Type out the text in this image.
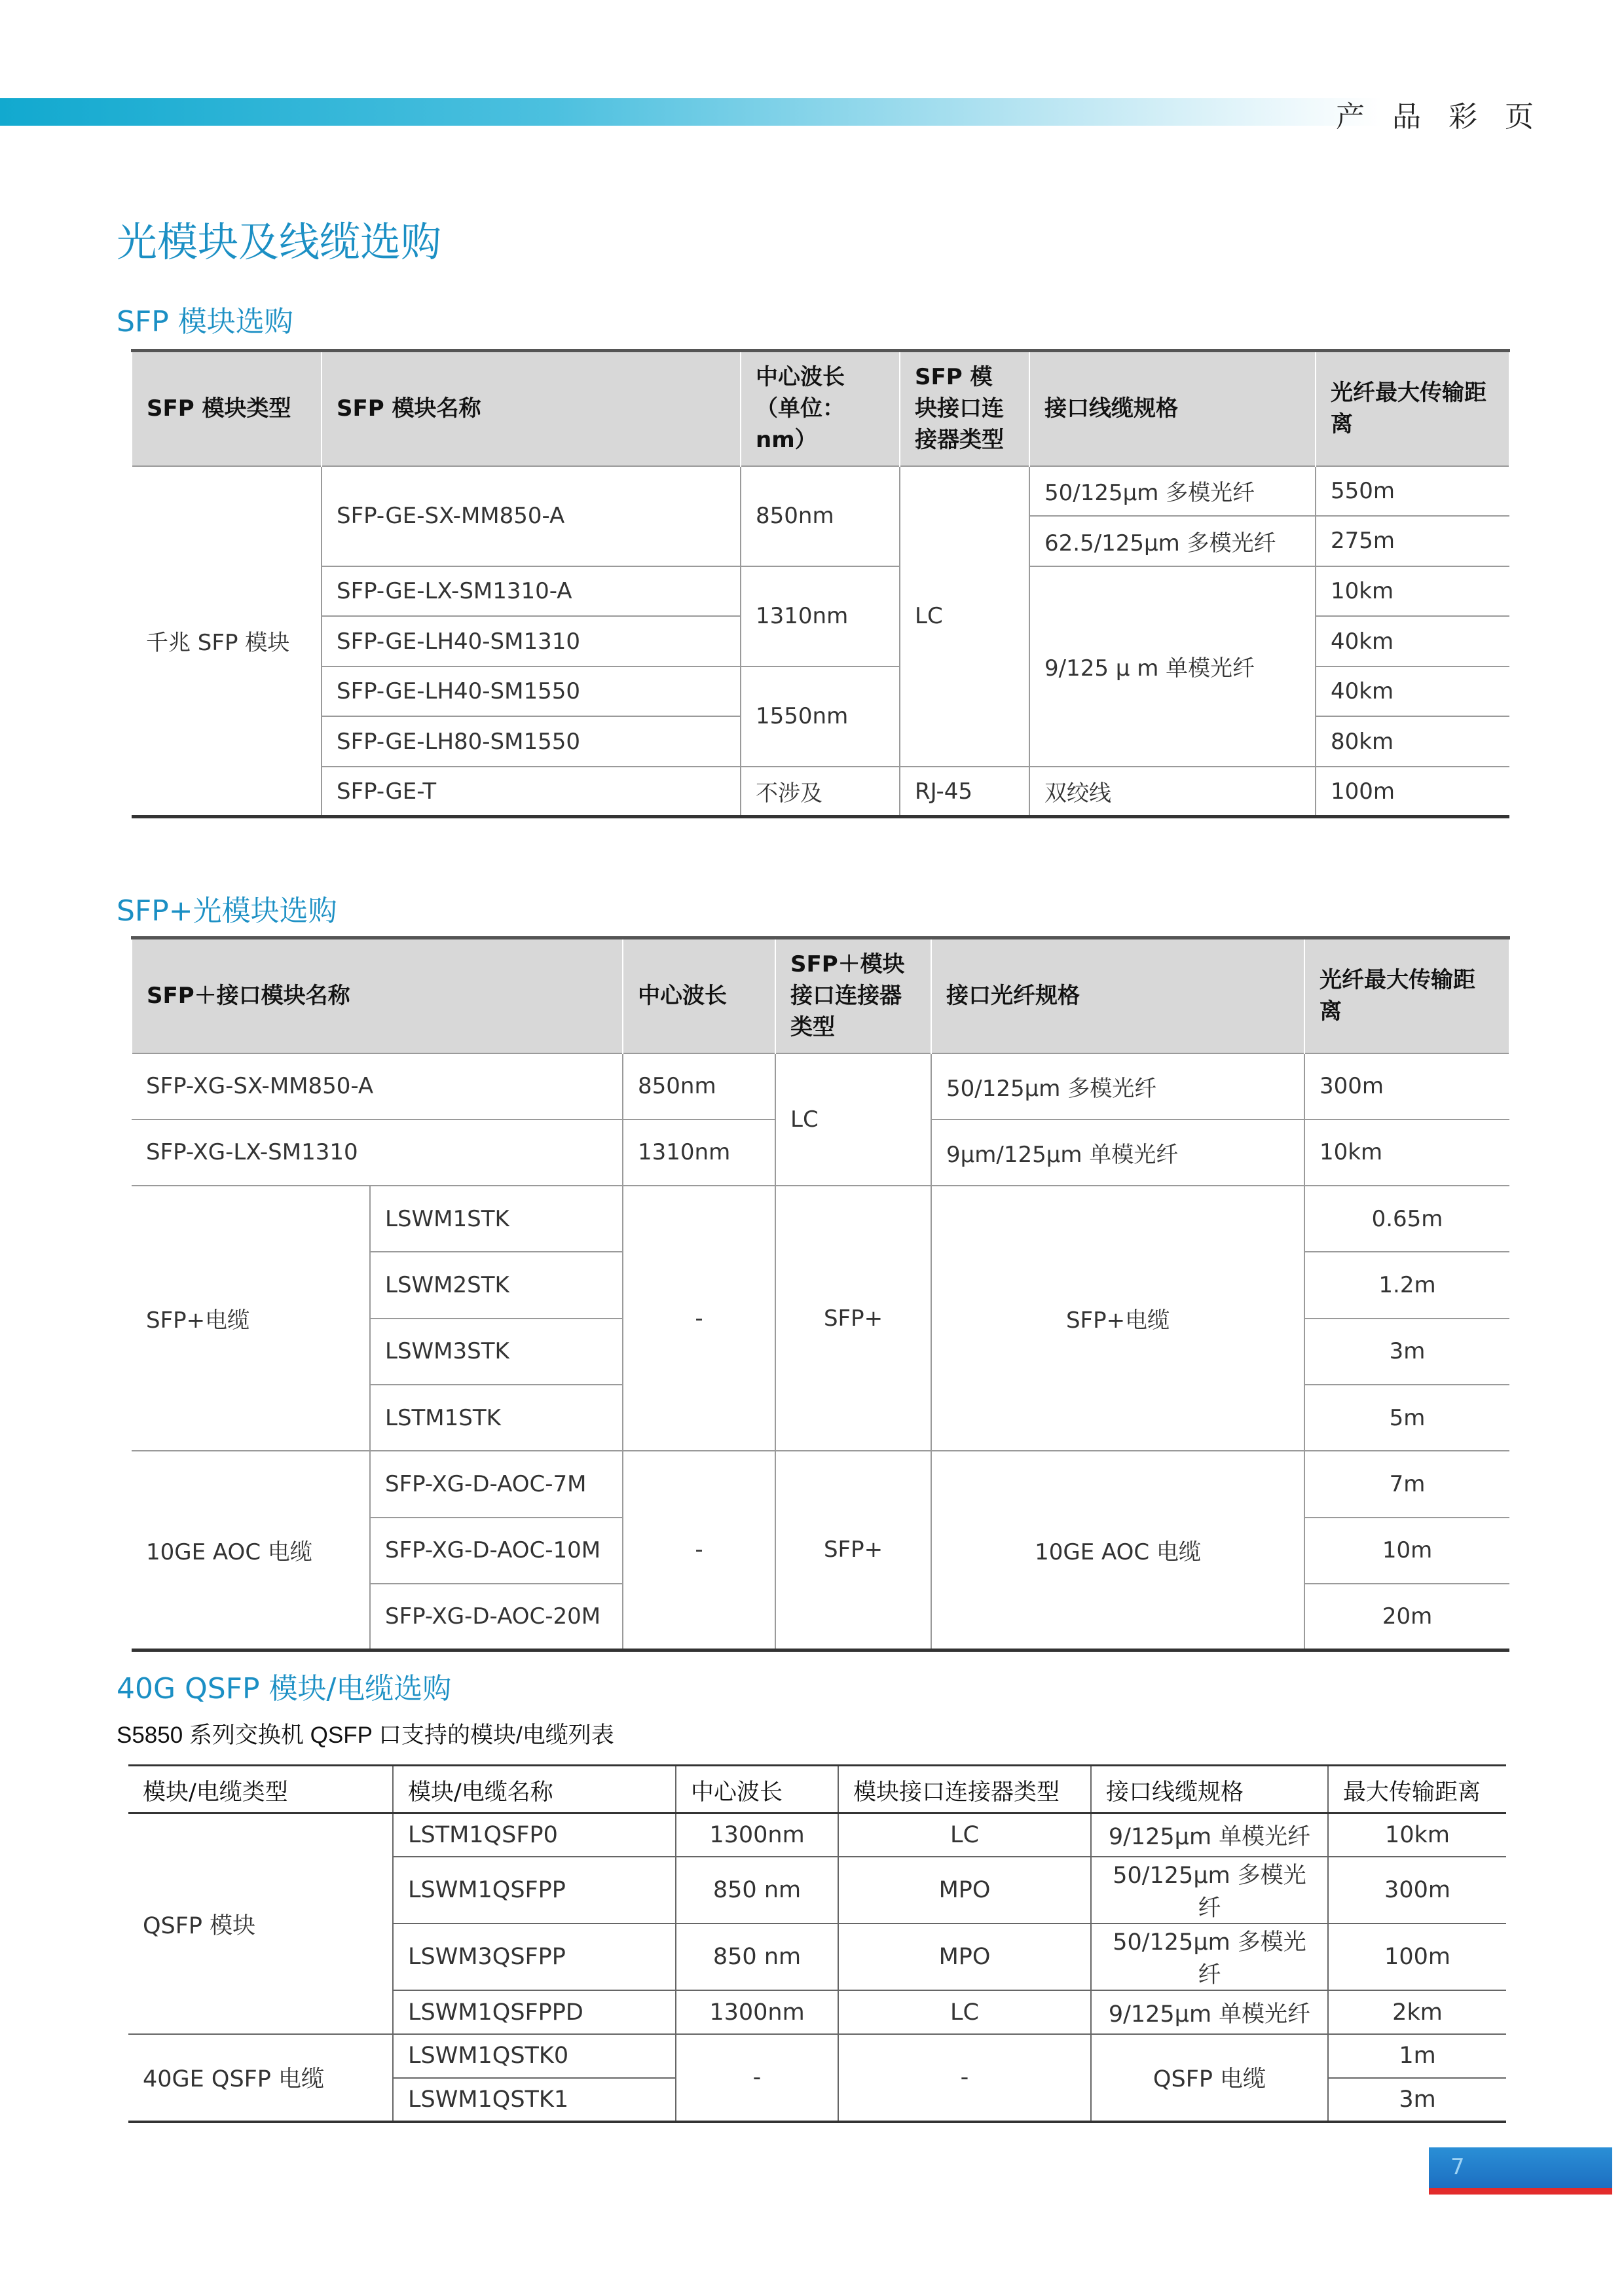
产 品 彩 页
光模块及线缆选购
SFP 模块选购
SFP 模块类型	SFP 模块名称	中心波长（单位：nm）	SFP 模块接口连接器类型	接口线缆规格	光纤最大传输距离
千兆 SFP 模块	SFP-GE-SX-MM850-A	850nm	LC	50/125μm 多模光纤	550m
				62.5/125μm 多模光纤	275m
	SFP-GE-LX-SM1310-A	1310nm		9/125 μ m 单模光纤	10km
	SFP-GE-LH40-SM1310				40km
	SFP-GE-LH40-SM1550	1550nm			40km
	SFP-GE-LH80-SM1550				80km
	SFP-GE-T	不涉及	RJ-45	双绞线	100m
SFP+光模块选购
SFP＋接口模块名称		中心波长	SFP＋模块接口连接器类型	接口光纤规格	光纤最大传输距离
SFP-XG-SX-MM850-A		850nm	LC	50/125μm 多模光纤	300m
SFP-XG-LX-SM1310		1310nm		9μm/125μm 单模光纤	10km
SFP+电缆	LSWM1STK	-	SFP+	SFP+电缆	0.65m
	LSWM2STK				1.2m
	LSWM3STK				3m
	LSTM1STK				5m
10GE AOC 电缆	SFP-XG-D-AOC-7M	-	SFP+	10GE AOC 电缆	7m
	SFP-XG-D-AOC-10M				10m
	SFP-XG-D-AOC-20M				20m
40G QSFP 模块/电缆选购
S5850 系列交换机 QSFP 口支持的模块/电缆列表
模块/电缆类型	模块/电缆名称	中心波长	模块接口连接器类型	接口线缆规格	最大传输距离
QSFP 模块	LSTM1QSFP0	1300nm	LC	9/125μm 单模光纤	10km
	LSWM1QSFPP	850 nm	MPO	50/125μm 多模光纤	300m
	LSWM3QSFPP	850 nm	MPO	50/125μm 多模光纤	100m
	LSWM1QSFPPD	1300nm	LC	9/125μm 单模光纤	2km
40GE QSFP 电缆	LSWM1QSTK0	-	-	QSFP 电缆	1m
	LSWM1QSTK1				3m
7
